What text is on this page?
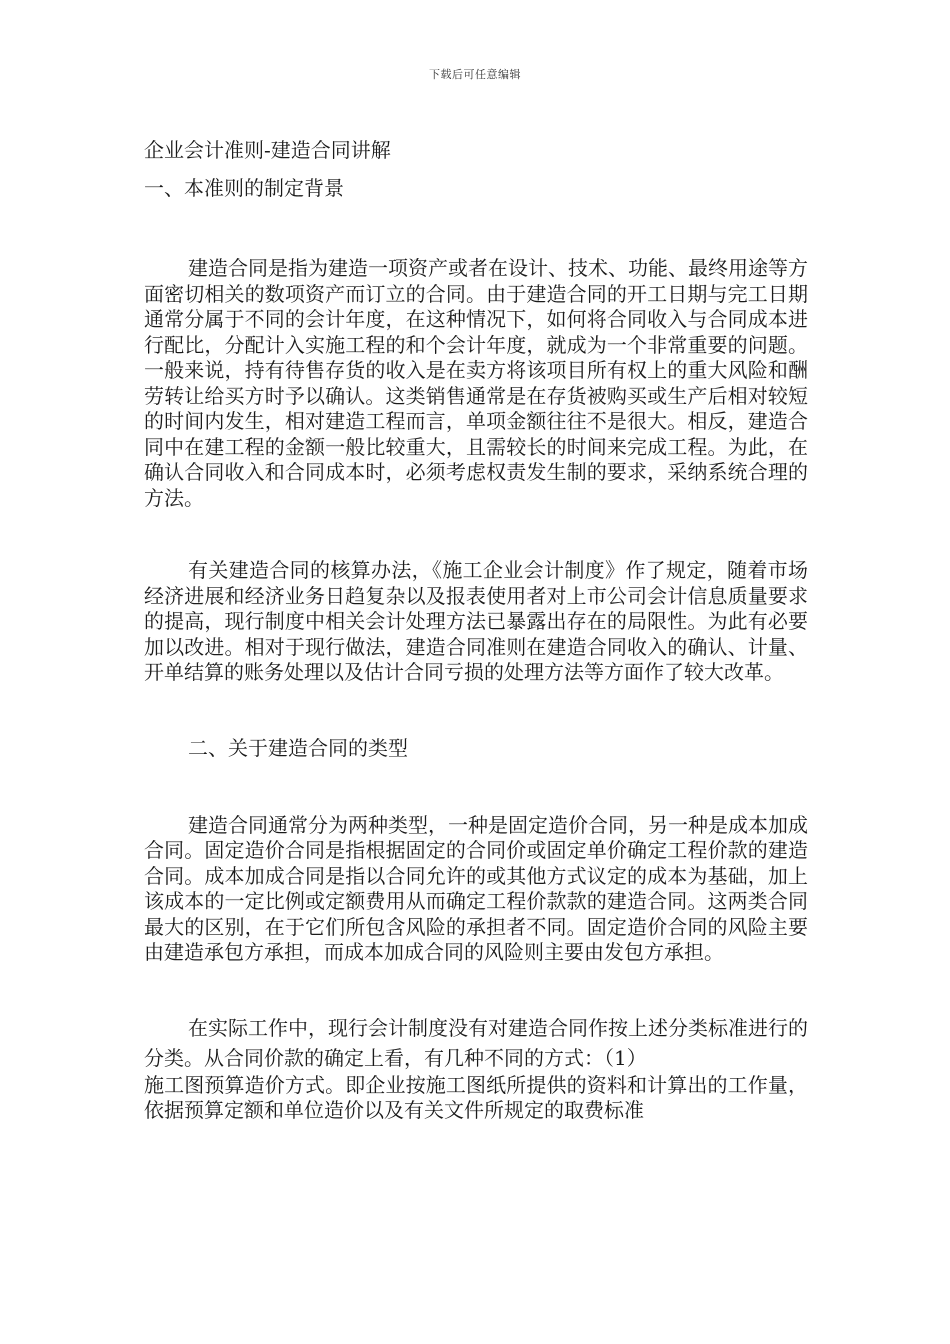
下载后可任意编辑
企业会计准则-建造合同讲解
一、本准则的制定背景

建造合同是指为建造一项资产或者在设计、技术、功能、最终用途等方面密切相关的数项资产而订立的合同。由于建造合同的开工日期与完工日期通常分属于不同的会计年度，在这种情况下，如何将合同收入与合同成本进行配比，分配计入实施工程的和个会计年度，就成为一个非常重要的问题。一般来说，持有待售存货的收入是在卖方将该项目所有权上的重大风险和酬劳转让给买方时予以确认。这类销售通常是在存货被购买或生产后相对较短的时间内发生，相对建造工程而言，单项金额往往不是很大。相反，建造合同中在建工程的金额一般比较重大，且需较长的时间来完成工程。为此，在确认合同收入和合同成本时，必须考虑权责发生制的要求，采纳系统合理的方法。

有关建造合同的核算办法，《施工企业会计制度》作了规定，随着市场经济进展和经济业务日趋复杂以及报表使用者对上市公司会计信息质量要求的提高，现行制度中相关会计处理方法已暴露出存在的局限性。为此有必要加以改进。相对于现行做法，建造合同准则在建造合同收入的确认、计量、开单结算的账务处理以及估计合同亏损的处理方法等方面作了较大改革。

二、关于建造合同的类型

建造合同通常分为两种类型，一种是固定造价合同，另一种是成本加成合同。固定造价合同是指根据固定的合同价或固定单价确定工程价款的建造合同。成本加成合同是指以合同允许的或其他方式议定的成本为基础，加上该成本的一定比例或定额费用从而确定工程价款款的建造合同。这两类合同最大的区别，在于它们所包含风险的承担者不同。固定造价合同的风险主要由建造承包方承担，而成本加成合同的风险则主要由发包方承担。

在实际工作中，现行会计制度没有对建造合同作按上述分类标准进行的分类。从合同价款的确定上看，有几种不同的方式：（1）

施工图预算造价方式。即企业按施工图纸所提供的资料和计算出的工作量，依据预算定额和单位造价以及有关文件所规定的取费标准
